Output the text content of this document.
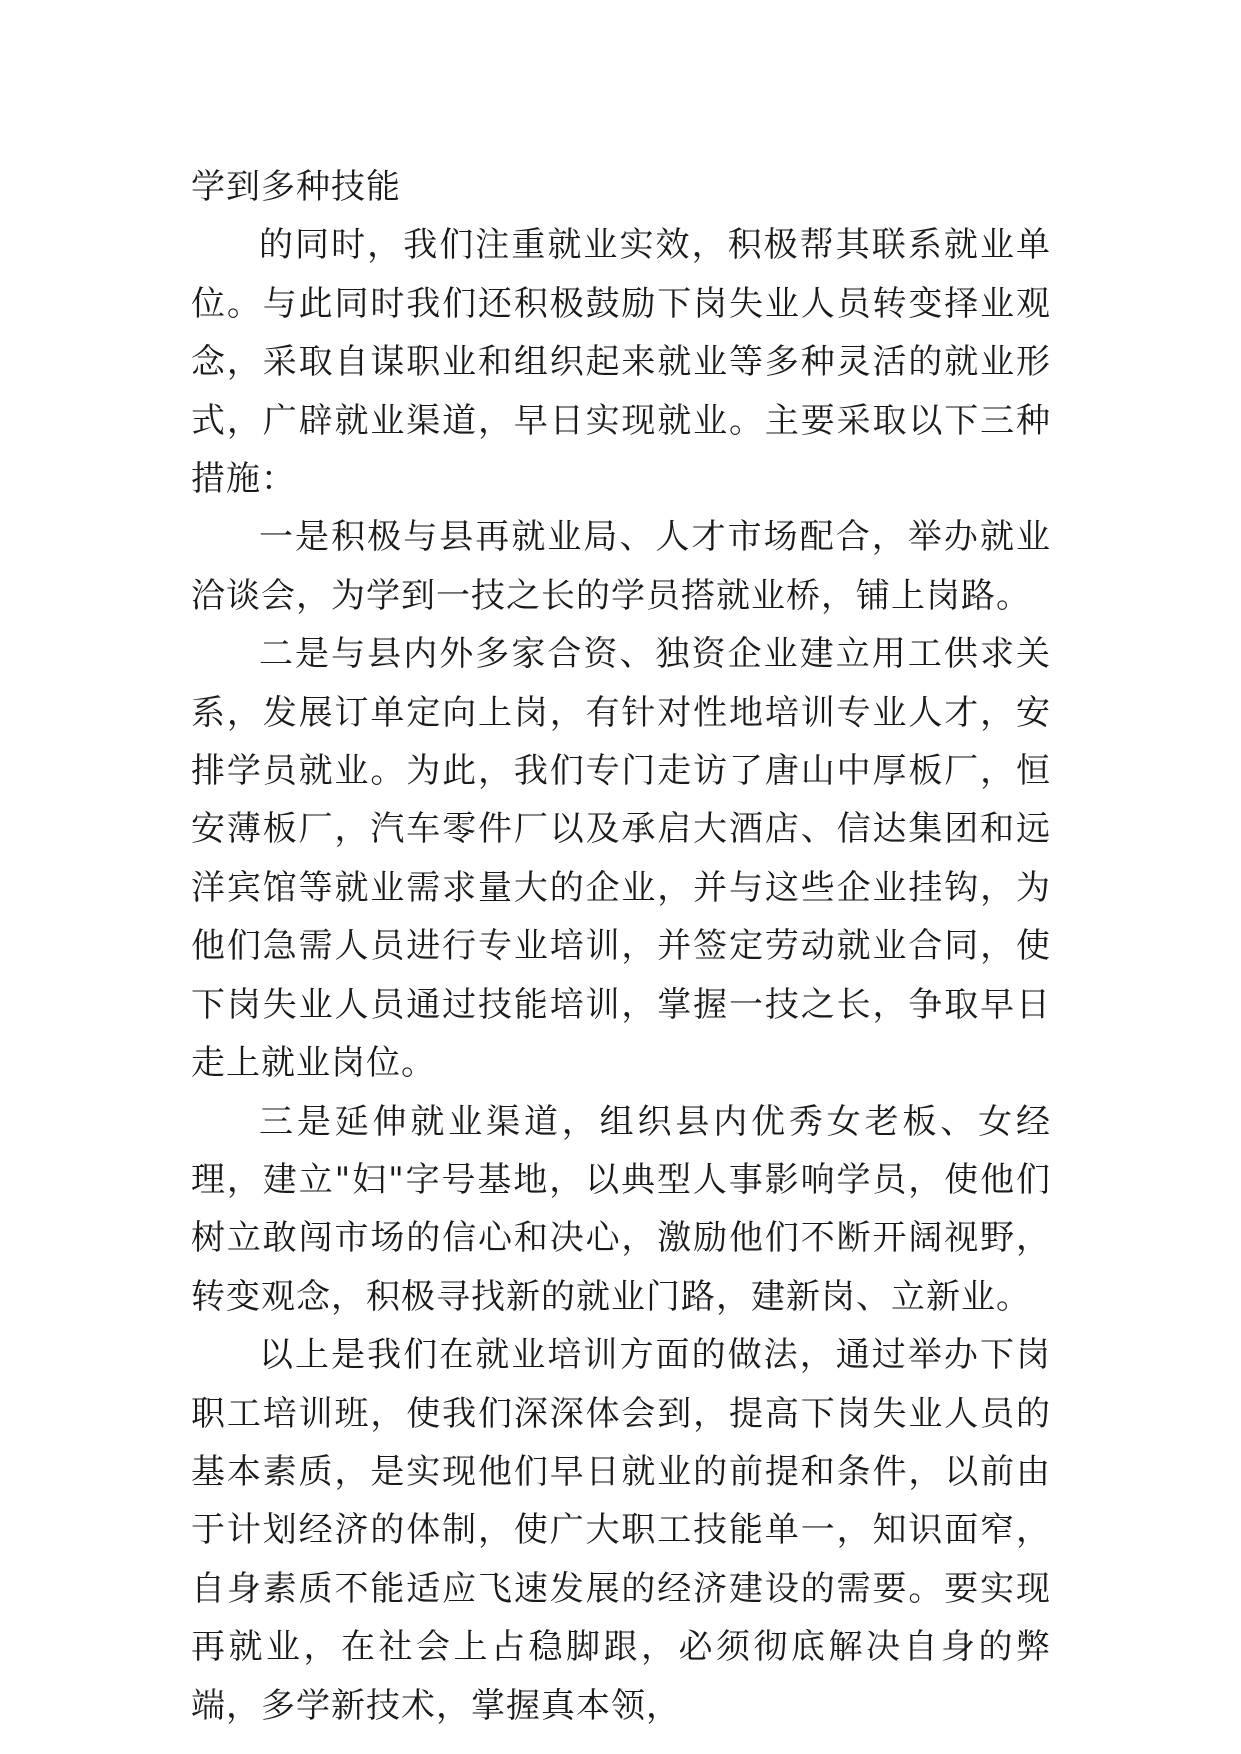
学到多种技能

的同时，我们注重就业实效，积极帮其联系就业单位。与此同时我们还积极鼓励下岗失业人员转变择业观念，采取自谋职业和组织起来就业等多种灵活的就业形式，广辟就业渠道，早日实现就业。主要采取以下三种措施：

一是积极与县再就业局、人才市场配合，举办就业洽谈会，为学到一技之长的学员搭就业桥，铺上岗路。

二是与县内外多家合资、独资企业建立用工供求关系，发展订单定向上岗，有针对性地培训专业人才，安排学员就业。为此，我们专门走访了唐山中厚板厂，恒安薄板厂，汽车零件厂以及承启大酒店、信达集团和远洋宾馆等就业需求量大的企业，并与这些企业挂钩，为他们急需人员进行专业培训，并签定劳动就业合同，使下岗失业人员通过技能培训，掌握一技之长，争取早日走上就业岗位。

三是延伸就业渠道，组织县内优秀女老板、女经理，建立"妇"字号基地，以典型人事影响学员，使他们树立敢闯市场的信心和决心，激励他们不断开阔视野，转变观念，积极寻找新的就业门路，建新岗、立新业。

以上是我们在就业培训方面的做法，通过举办下岗职工培训班，使我们深深体会到，提高下岗失业人员的基本素质，是实现他们早日就业的前提和条件，以前由于计划经济的体制，使广大职工技能单一，知识面窄，自身素质不能适应飞速发展的经济建设的需要。要实现再就业，在社会上占稳脚跟，必须彻底解决自身的弊端，多学新技术，掌握真本领，
